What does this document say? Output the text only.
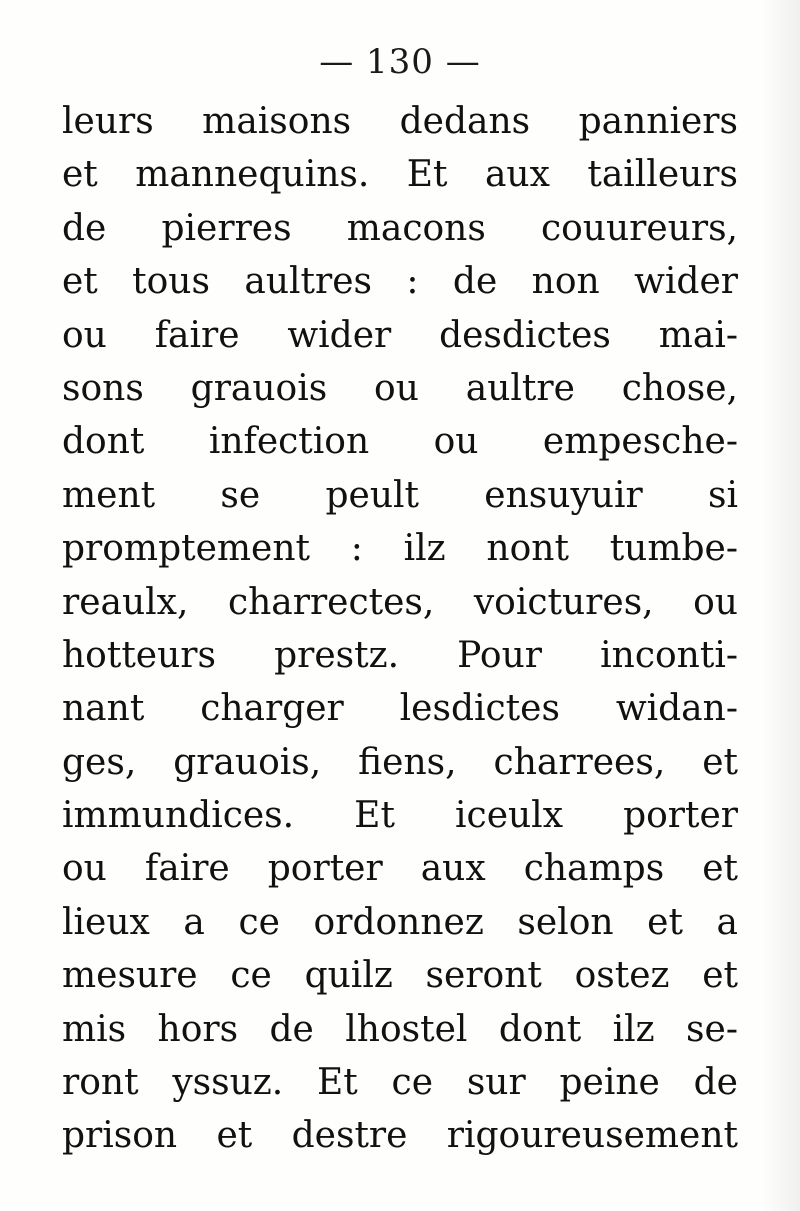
— 130 —
leurs maisons dedans panniers
et mannequins. Et aux tailleurs
de pierres macons couureurs,
et tous aultres : de non wider
ou faire wider desdictes mai-
sons grauois ou aultre chose,
dont infection ou empesche-
ment se peult ensuyuir si
promptement : ilz nont tumbe-
reaulx, charrectes, voictures, ou
hotteurs prestz. Pour inconti-
nant charger lesdictes widan-
ges, grauois, fiens, charrees, et
immundices. Et iceulx porter
ou faire porter aux champs et
lieux a ce ordonnez selon et a
mesure ce quilz seront ostez et
mis hors de lhostel dont ilz se-
ront yssuz. Et ce sur peine de
prison et destre rigoureusement
